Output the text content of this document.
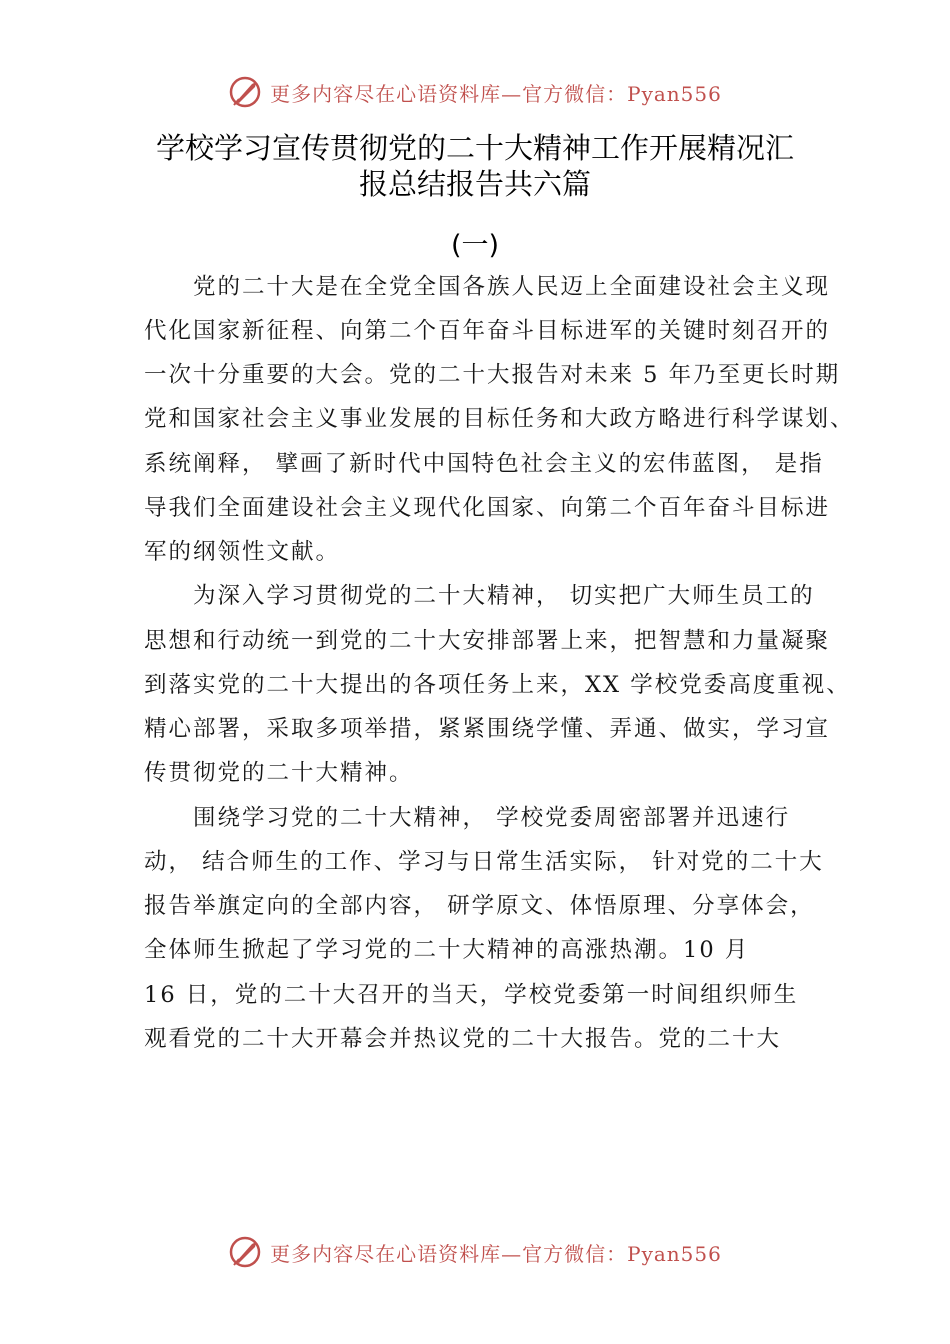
更多内容尽在心语资料库—官方微信：Pyan556
学校学习宣传贯彻党的二十大精神工作开展精况汇
报总结报告共六篇
(一)
党的二十大是在全党全国各族人民迈上全面建设社会主义现
代化国家新征程、向第二个百年奋斗目标进军的关键时刻召开的
一次十分重要的大会。党的二十大报告对未来 5 年乃至更长时期
党和国家社会主义事业发展的目标任务和大政方略进行科学谋划、
系统阐释， 擘画了新时代中国特色社会主义的宏伟蓝图， 是指
导我们全面建设社会主义现代化国家、向第二个百年奋斗目标进
军的纲领性文献。
为深入学习贯彻党的二十大精神， 切实把广大师生员工的
思想和行动统一到党的二十大安排部署上来，把智慧和力量凝聚
到落实党的二十大提出的各项任务上来，XX 学校党委高度重视、
精心部署，采取多项举措，紧紧围绕学懂、弄通、做实，学习宣
传贯彻党的二十大精神。
围绕学习党的二十大精神， 学校党委周密部署并迅速行
动， 结合师生的工作、学习与日常生活实际， 针对党的二十大
报告举旗定向的全部内容， 研学原文、体悟原理、分享体会，
全体师生掀起了学习党的二十大精神的高涨热潮。10 月
16 日，党的二十大召开的当天，学校党委第一时间组织师生
观看党的二十大开幕会并热议党的二十大报告。党的二十大
更多内容尽在心语资料库—官方微信：Pyan556
